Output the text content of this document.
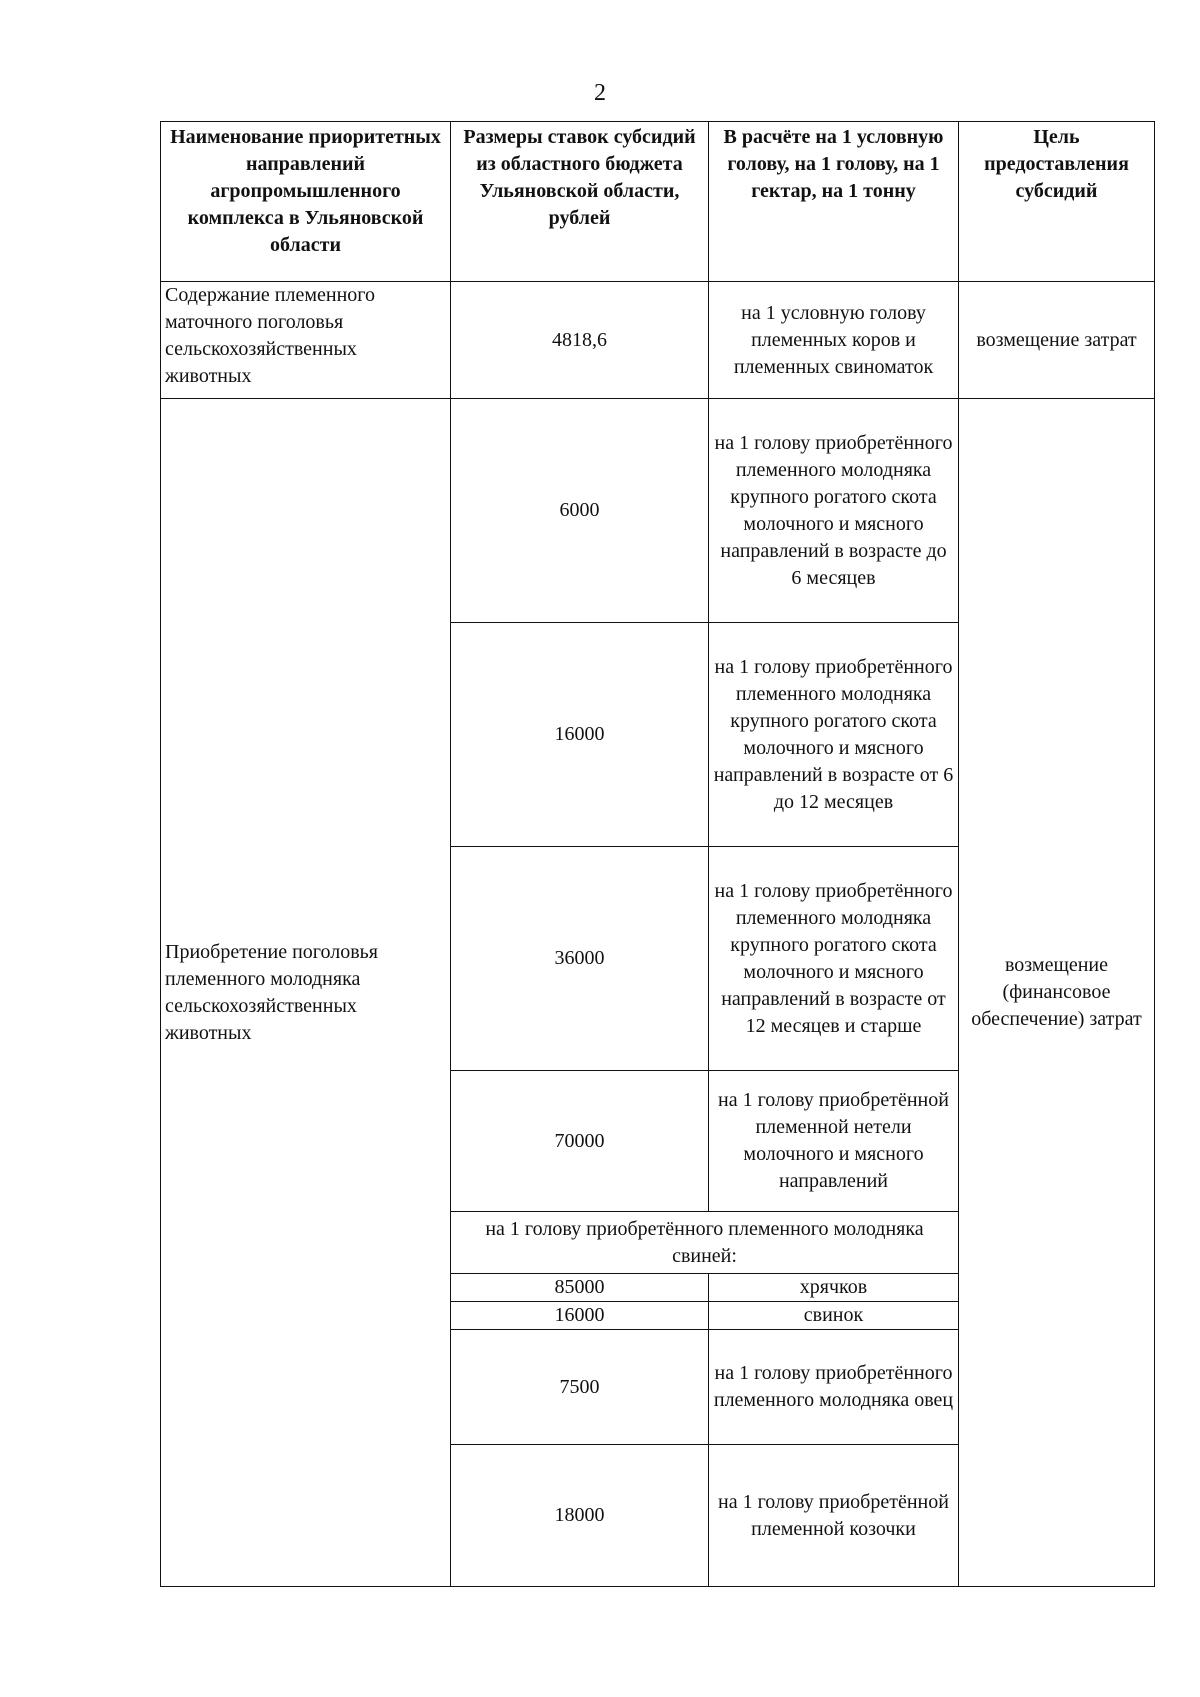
2
Наименование приоритетных направлений агропромышленного комплекса в Ульяновской области	Размеры ставок субсидий из областного бюджета Ульяновской области, рублей	В расчёте на 1 условную голову, на 1 голову, на 1 гектар, на 1 тонну	Цель предоставления субсидий
Содержание племенного маточного поголовья сельскохозяйственных животных	4818,6	на 1 условную голову племенных коров и племенных свиноматок	возмещение затрат
Приобретение поголовья племенного молодняка сельскохозяйственных животных	6000	на 1 голову приобретённого племенного молодняка крупного рогатого скота молочного и мясного направлений в возрасте до 6 месяцев	возмещение (финансовое обеспечение) затрат
	16000	на 1 голову приобретённого племенного молодняка крупного рогатого скота молочного и мясного направлений в возрасте от 6 до 12 месяцев	
	36000	на 1 голову приобретённого племенного молодняка крупного рогатого скота молочного и мясного направлений в возрасте от 12 месяцев и старше	
	70000	на 1 голову приобретённой племенной нетели молочного и мясного направлений	
	на 1 голову приобретённого племенного молодняка свиней:		
	85000	хрячков	
	16000	свинок	
	7500	на 1 голову приобретённого племенного молодняка овец	
	18000	на 1 голову приобретённой племенной козочки	
